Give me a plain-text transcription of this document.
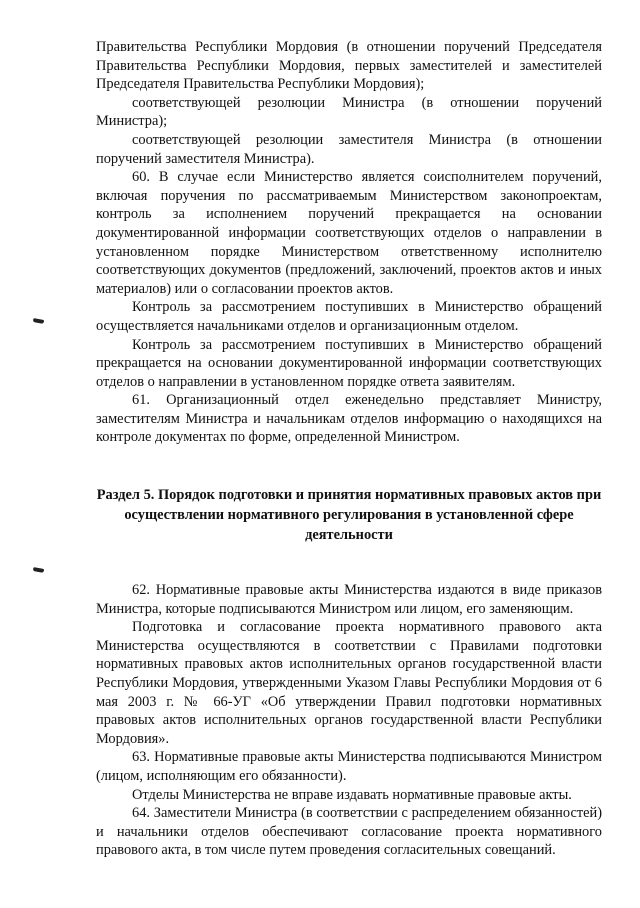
Правительства Республики Мордовия (в отношении поручений Председателя Правительства Республики Мордовия, первых заместителей и заместителей Председателя Правительства Республики Мордовия);

соответствующей резолюции Министра (в отношении поручений Министра);

соответствующей резолюции заместителя Министра (в отношении поручений заместителя Министра).

60. В случае если Министерство является соисполнителем поручений, включая поручения по рассматриваемым Министерством законопроектам, контроль за исполнением поручений прекращается на основании документированной информации соответствующих отделов о направлении в установленном порядке Министерством ответственному исполнителю соответствующих документов (предложений, заключений, проектов актов и иных материалов) или о согласовании проектов актов.

Контроль за рассмотрением поступивших в Министерство обращений осуществляется начальниками отделов и организационным отделом.

Контроль за рассмотрением поступивших в Министерство обращений прекращается на основании документированной информации соответствующих отделов о направлении в установленном порядке ответа заявителям.

61. Организационный отдел еженедельно представляет Министру, заместителям Министра и начальникам отделов информацию о находящихся на контроле документах по форме, определенной Министром.

Раздел 5. Порядок подготовки и принятия нормативных правовых актов при осуществлении нормативного регулирования в установленной сфере деятельности

62. Нормативные правовые акты Министерства издаются в виде приказов Министра, которые подписываются Министром или лицом, его заменяющим.

Подготовка и согласование проекта нормативного правового акта Министерства осуществляются в соответствии с Правилами подготовки нормативных правовых актов исполнительных органов государственной власти Республики Мордовия, утвержденными Указом Главы Республики Мордовия от 6 мая 2003 г. № 66-УГ «Об утверждении Правил подготовки нормативных правовых актов исполнительных органов государственной власти Республики Мордовия».

63. Нормативные правовые акты Министерства подписываются Министром (лицом, исполняющим его обязанности).

Отделы Министерства не вправе издавать нормативные правовые акты.

64. Заместители Министра (в соответствии с распределением обязанностей) и начальники отделов обеспечивают согласование проекта нормативного правового акта, в том числе путем проведения согласительных совещаний.
